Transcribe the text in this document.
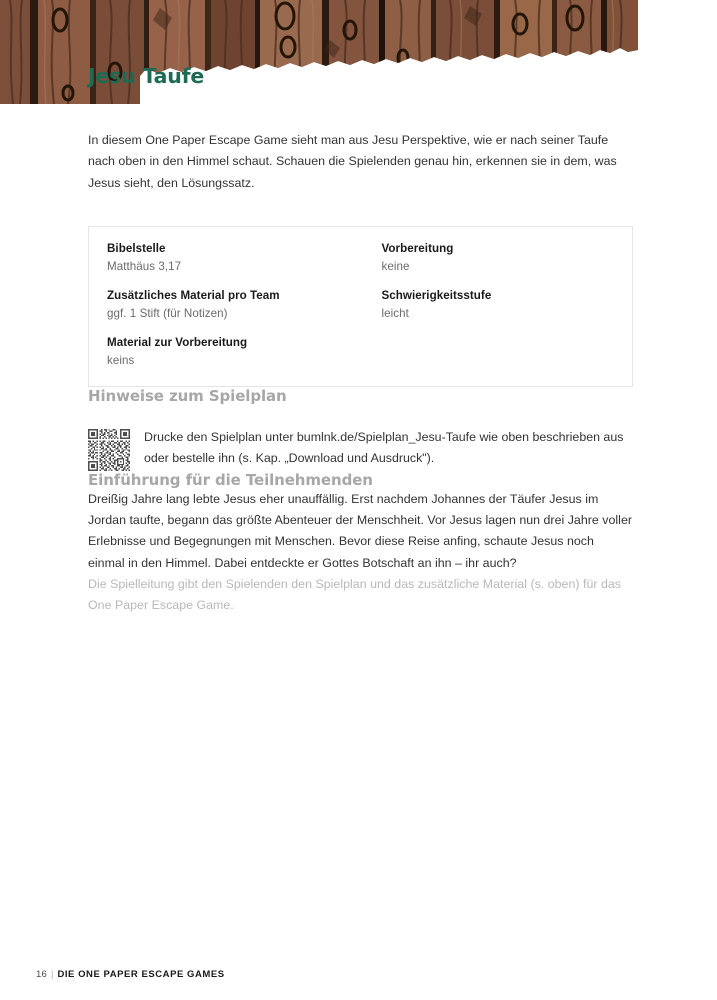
Jesu Taufe

In diesem One Paper Escape Game sieht man aus Jesu Perspektive, wie er nach seiner Taufe nach oben in den Himmel schaut. Schauen die Spielenden genau hin, erkennen sie in dem, was Jesus sieht, den Lösungssatz.

Bibelstelle
Matthäus 3,17
Zusätzliches Material pro Team
ggf. 1 Stift (für Notizen)
Material zur Vorbereitung
keins
Vorbereitung
keine
Schwierigkeitsstufe
leicht
Hinweise zum Spielplan
Drucke den Spielplan unter bumlnk.de/Spielplan_Jesu-Taufe wie oben beschrieben aus oder bestelle ihn (s. Kap. „Download und Ausdruck").
Einführung für die Teilnehmenden

Dreißig Jahre lang lebte Jesus eher unauffällig. Erst nachdem Johannes der Täufer Jesus im Jordan taufte, begann das größte Abenteuer der Menschheit. Vor Jesus lagen nun drei Jahre voller Erlebnisse und Begegnungen mit Menschen. Bevor diese Reise anfing, schaute Jesus noch einmal in den Himmel. Dabei entdeckte er Gottes Botschaft an ihn – ihr auch?

Die Spielleitung gibt den Spielenden den Spielplan und das zusätzliche Material (s. oben) für das One Paper Escape Game.

16 | DIE ONE PAPER ESCAPE GAMES
